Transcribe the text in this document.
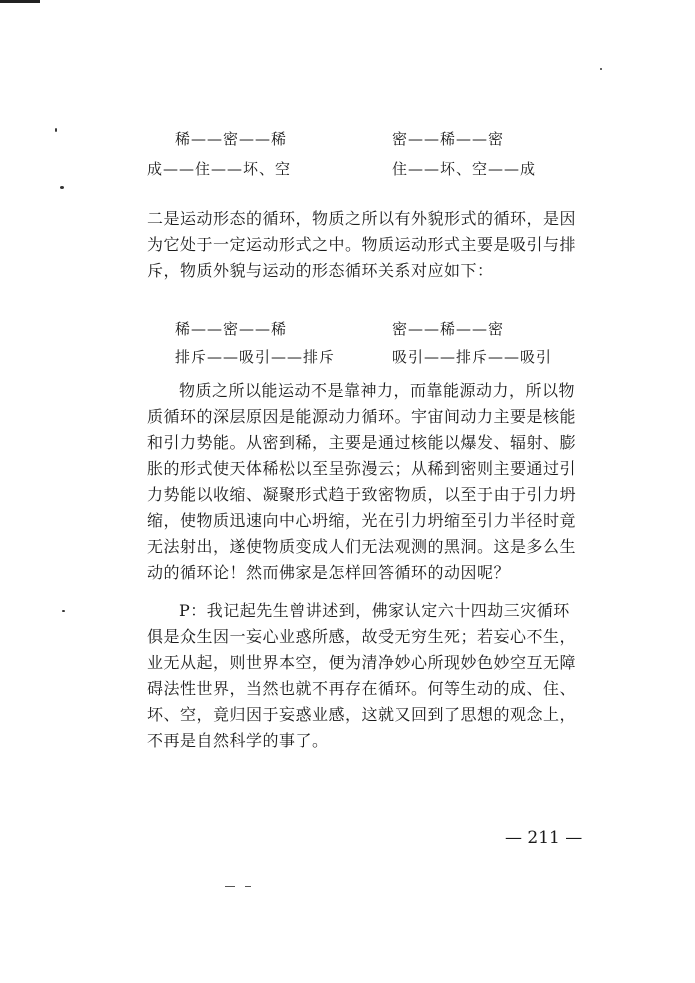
稀——密——稀
成——住——坏、空
密——稀——密
住——坏、空——成

二是运动形态的循环，物质之所以有外貌形式的循环，是因为它处于一定运动形式之中。物质运动形式主要是吸引与排斥，物质外貌与运动的形态循环关系对应如下：

稀——密——稀
排斥——吸引——排斥
密——稀——密
吸引——排斥——吸引

物质之所以能运动不是靠神力，而靠能源动力，所以物质循环的深层原因是能源动力循环。宇宙间动力主要是核能和引力势能。从密到稀，主要是通过核能以爆发、辐射、膨胀的形式使天体稀松以至呈弥漫云；从稀到密则主要通过引力势能以收缩、凝聚形式趋于致密物质，以至于由于引力坍缩，使物质迅速向中心坍缩，光在引力坍缩至引力半径时竟无法射出，遂使物质变成人们无法观测的黑洞。这是多么生动的循环论！然而佛家是怎样回答循环的动因呢？

P：我记起先生曾讲述到，佛家认定六十四劫三灾循环俱是众生因一妄心业惑所感，故受无穷生死；若妄心不生，业无从起，则世界本空，便为清净妙心所现妙色妙空互无障碍法性世界，当然也就不再存在循环。何等生动的成、住、坏、空，竟归因于妄惑业感，这就又回到了思想的观念上，不再是自然科学的事了。

— 211 —
